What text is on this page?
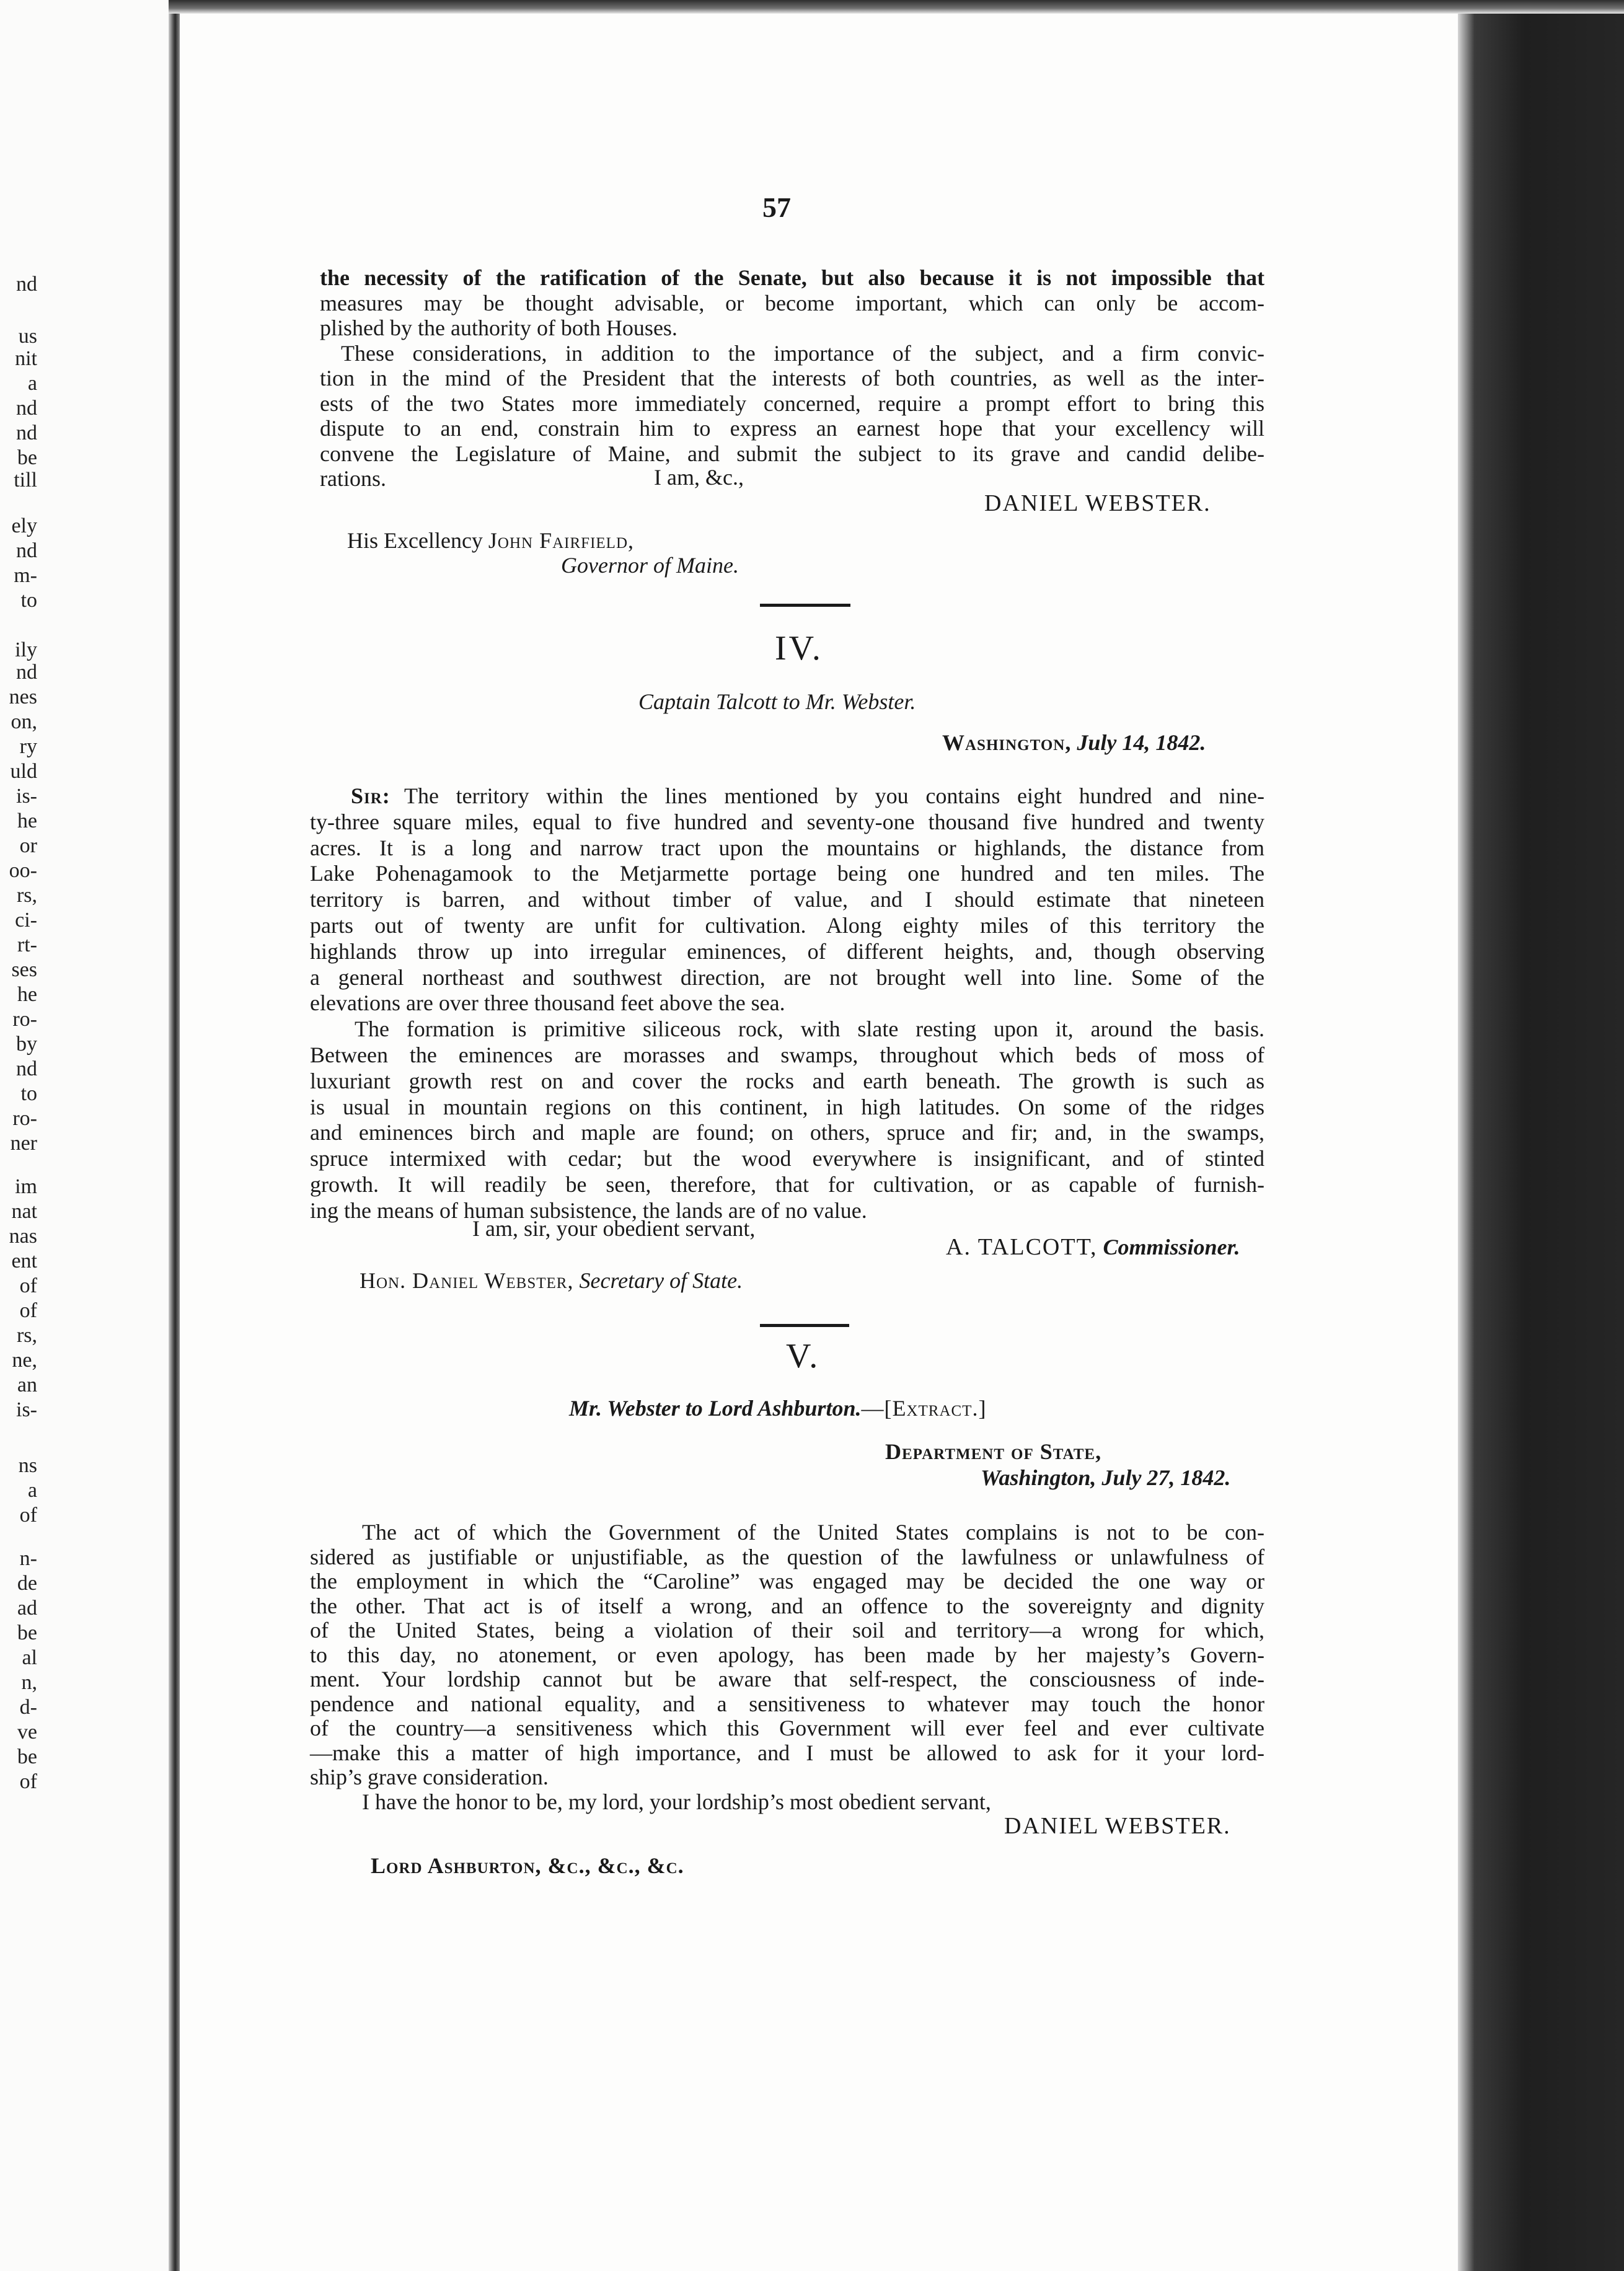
nd
us
nit
a
nd
nd
be
till
ely
nd
m-
to
ily
nd
nes
on,
ry
uld
is-
he
or
oo-
rs,
ci-
rt-
ses
he
ro-
by
nd
to
ro-
ner
im
nat
nas
ent
of
of
rs,
ne,
an
is-
ns
a
of
n-
de
ad
be
al
n,
d-
ve
be
of
57
the necessity of the ratification of the Senate, but also because it is not impossible that
measures may be thought advisable, or become important, which can only be accom-
plished by the authority of both Houses.
These considerations, in addition to the importance of the subject, and a firm convic-
tion in the mind of the President that the interests of both countries, as well as the inter-
ests of the two States more immediately concerned, require a prompt effort to bring this
dispute to an end, constrain him to express an earnest hope that your excellency will
convene the Legislature of Maine, and submit the subject to its grave and candid delibe-
rations.	I am, &c.,
DANIEL WEBSTER.
His Excellency John Fairfield,
Governor of Maine.
IV.
Captain Talcott to Mr. Webster.
Washington, July 14, 1842.
Sir: The territory within the lines mentioned by you contains eight hundred and nine-
ty-three square miles, equal to five hundred and seventy-one thousand five hundred and twenty
acres. It is a long and narrow tract upon the mountains or highlands, the distance from
Lake Pohenagamook to the Metjarmette portage being one hundred and ten miles. The
territory is barren, and without timber of value, and I should estimate that nineteen
parts out of twenty are unfit for cultivation. Along eighty miles of this territory the
highlands throw up into irregular eminences, of different heights, and, though observing
a general northeast and southwest direction, are not brought well into line. Some of the
elevations are over three thousand feet above the sea.
The formation is primitive siliceous rock, with slate resting upon it, around the basis.
Between the eminences are morasses and swamps, throughout which beds of moss of
luxuriant growth rest on and cover the rocks and earth beneath. The growth is such as
is usual in mountain regions on this continent, in high latitudes. On some of the ridges
and eminences birch and maple are found; on others, spruce and fir; and, in the swamps,
spruce intermixed with cedar; but the wood everywhere is insignificant, and of stinted
growth. It will readily be seen, therefore, that for cultivation, or as capable of furnish-
ing the means of human subsistence, the lands are of no value.
I am, sir, your obedient servant,
A. TALCOTT, Commissioner.
Hon. Daniel Webster, Secretary of State.
V.
Mr. Webster to Lord Ashburton.—[Extract.]
Department of State,
Washington, July 27, 1842.
The act of which the Government of the United States complains is not to be con-
sidered as justifiable or unjustifiable, as the question of the lawfulness or unlawfulness of
the employment in which the “Caroline” was engaged may be decided the one way or
the other. That act is of itself a wrong, and an offence to the sovereignty and dignity
of the United States, being a violation of their soil and territory—a wrong for which,
to this day, no atonement, or even apology, has been made by her majesty’s Govern-
ment. Your lordship cannot but be aware that self-respect, the consciousness of inde-
pendence and national equality, and a sensitiveness to whatever may touch the honor
of the country—a sensitiveness which this Government will ever feel and ever cultivate
—make this a matter of high importance, and I must be allowed to ask for it your lord-
ship’s grave consideration.
I have the honor to be, my lord, your lordship’s most obedient servant,
DANIEL WEBSTER.
Lord Ashburton, &c., &c., &c.
